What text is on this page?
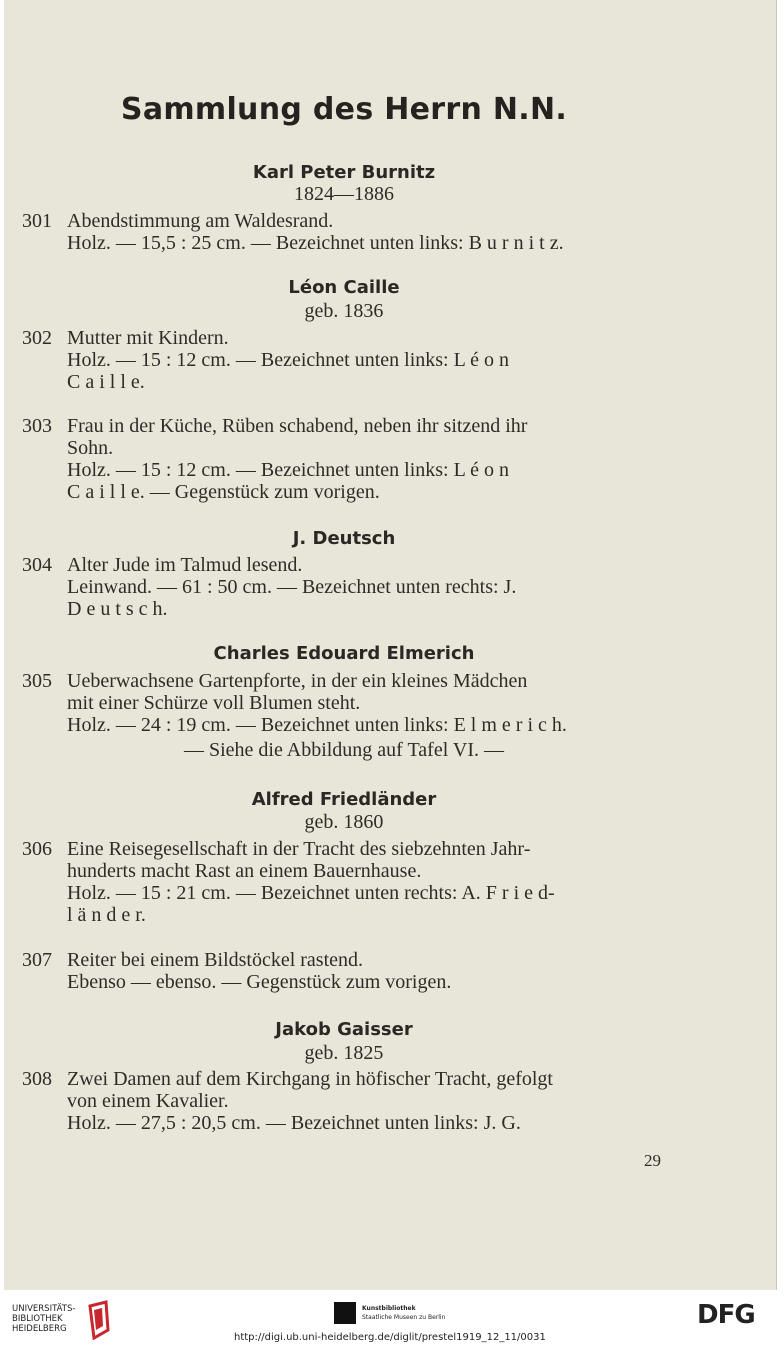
Sammlung des Herrn N.N.
Karl Peter Burnitz
1824—1886
301 Abendstimmung am Waldesrand.

Holz. — 15,5 : 25 cm. — Bezeichnet unten links: B u r n i t z.

Léon Caille
geb. 1836
302 Mutter mit Kindern.

Holz. — 15 : 12 cm. — Bezeichnet unten links: L é o n

C a i l l e.

303 Frau in der Küche, Rüben schabend, neben ihr sitzend ihr

Sohn.

Holz. — 15 : 12 cm. — Bezeichnet unten links: L é o n

C a i l l e. — Gegenstück zum vorigen.

J. Deutsch
304 Alter Jude im Talmud lesend.

Leinwand. — 61 : 50 cm. — Bezeichnet unten rechts: J.

D e u t s c h.

Charles Edouard Elmerich
305 Ueberwachsene Gartenpforte, in der ein kleines Mädchen

mit einer Schürze voll Blumen steht.

Holz. — 24 : 19 cm. — Bezeichnet unten links: E l m e r i c h.

— Siehe die Abbildung auf Tafel VI. —
Alfred Friedländer
geb. 1860
306 Eine Reisegesellschaft in der Tracht des siebzehnten Jahr-

hunderts macht Rast an einem Bauernhause.

Holz. — 15 : 21 cm. — Bezeichnet unten rechts: A. F r i e d-

l ä n d e r.

307 Reiter bei einem Bildstöckel rastend.

Ebenso — ebenso. — Gegenstück zum vorigen.

Jakob Gaisser
geb. 1825
308 Zwei Damen auf dem Kirchgang in höfischer Tracht, gefolgt

von einem Kavalier.

Holz. — 27,5 : 20,5 cm. — Bezeichnet unten links: J. G.

29
UNIVERSITÄTS-
BIBLIOTHEK
HEIDELBERG
Kunstbibliothek
Staatliche Museen zu Berlin	DFG
http://digi.ub.uni-heidelberg.de/diglit/prestel1919_12_11/0031
